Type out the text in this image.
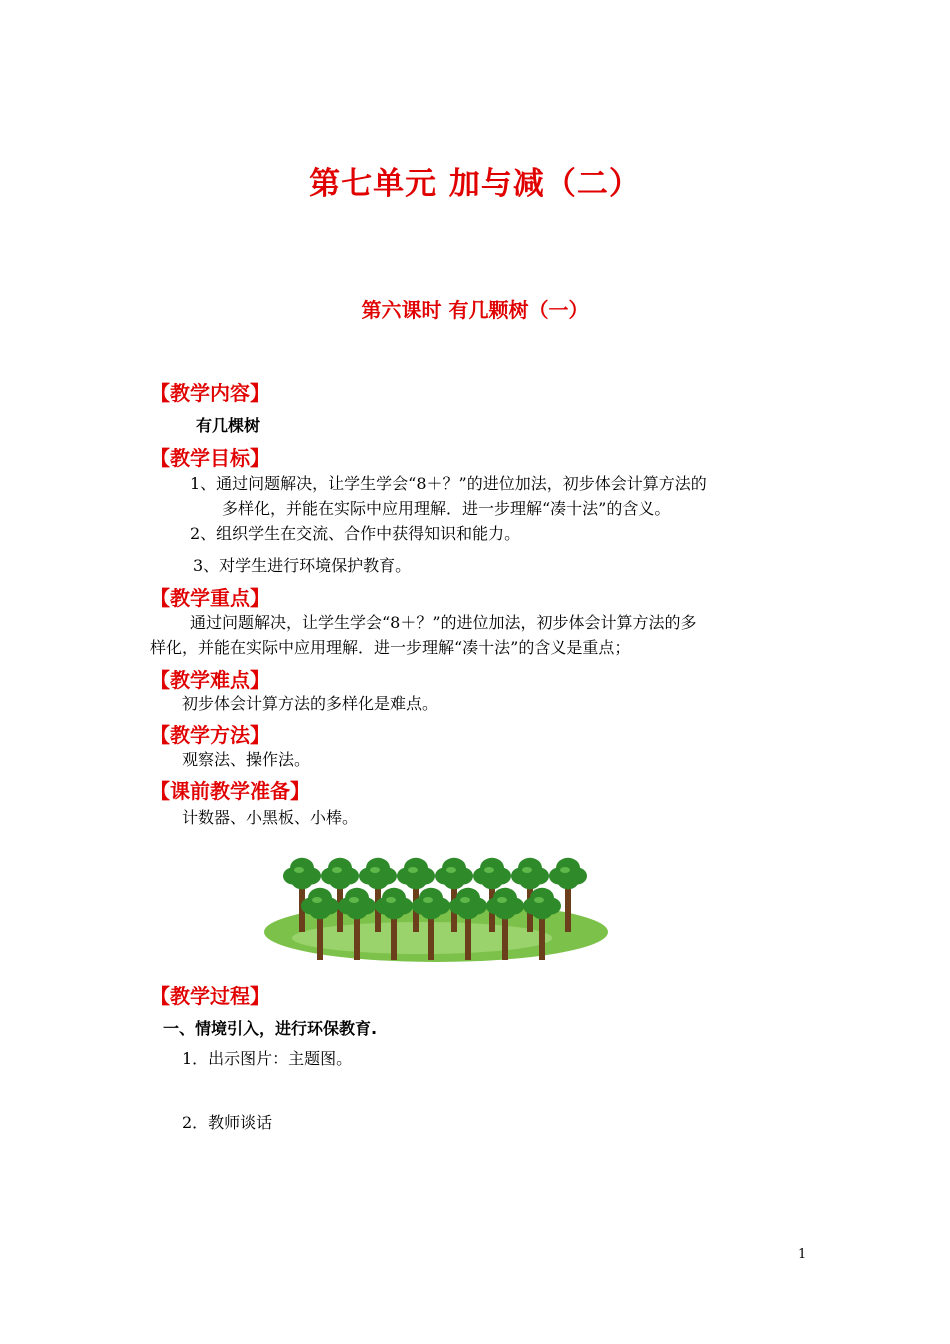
第七单元 加与减（二）
第六课时 有几颗树（一）
【教学内容】
有几棵树
【教学目标】
1、通过问题解决，让学生学会“8＋？”的进位加法，初步体会计算方法的
多样化，并能在实际中应用理解．进一步理解“凑十法”的含义。
2、组织学生在交流、合作中获得知识和能力。
3、对学生进行环境保护教育。
【教学重点】
通过问题解决，让学生学会“8＋？”的进位加法，初步体会计算方法的多
样化，并能在实际中应用理解．进一步理解“凑十法”的含义是重点；
【教学难点】
初步体会计算方法的多样化是难点。
【教学方法】
观察法、操作法。
【课前教学准备】
计数器、小黑板、小棒。
【教学过程】
一、情境引入，进行环保教育.
1．出示图片：主题图。
2．教师谈话
1
